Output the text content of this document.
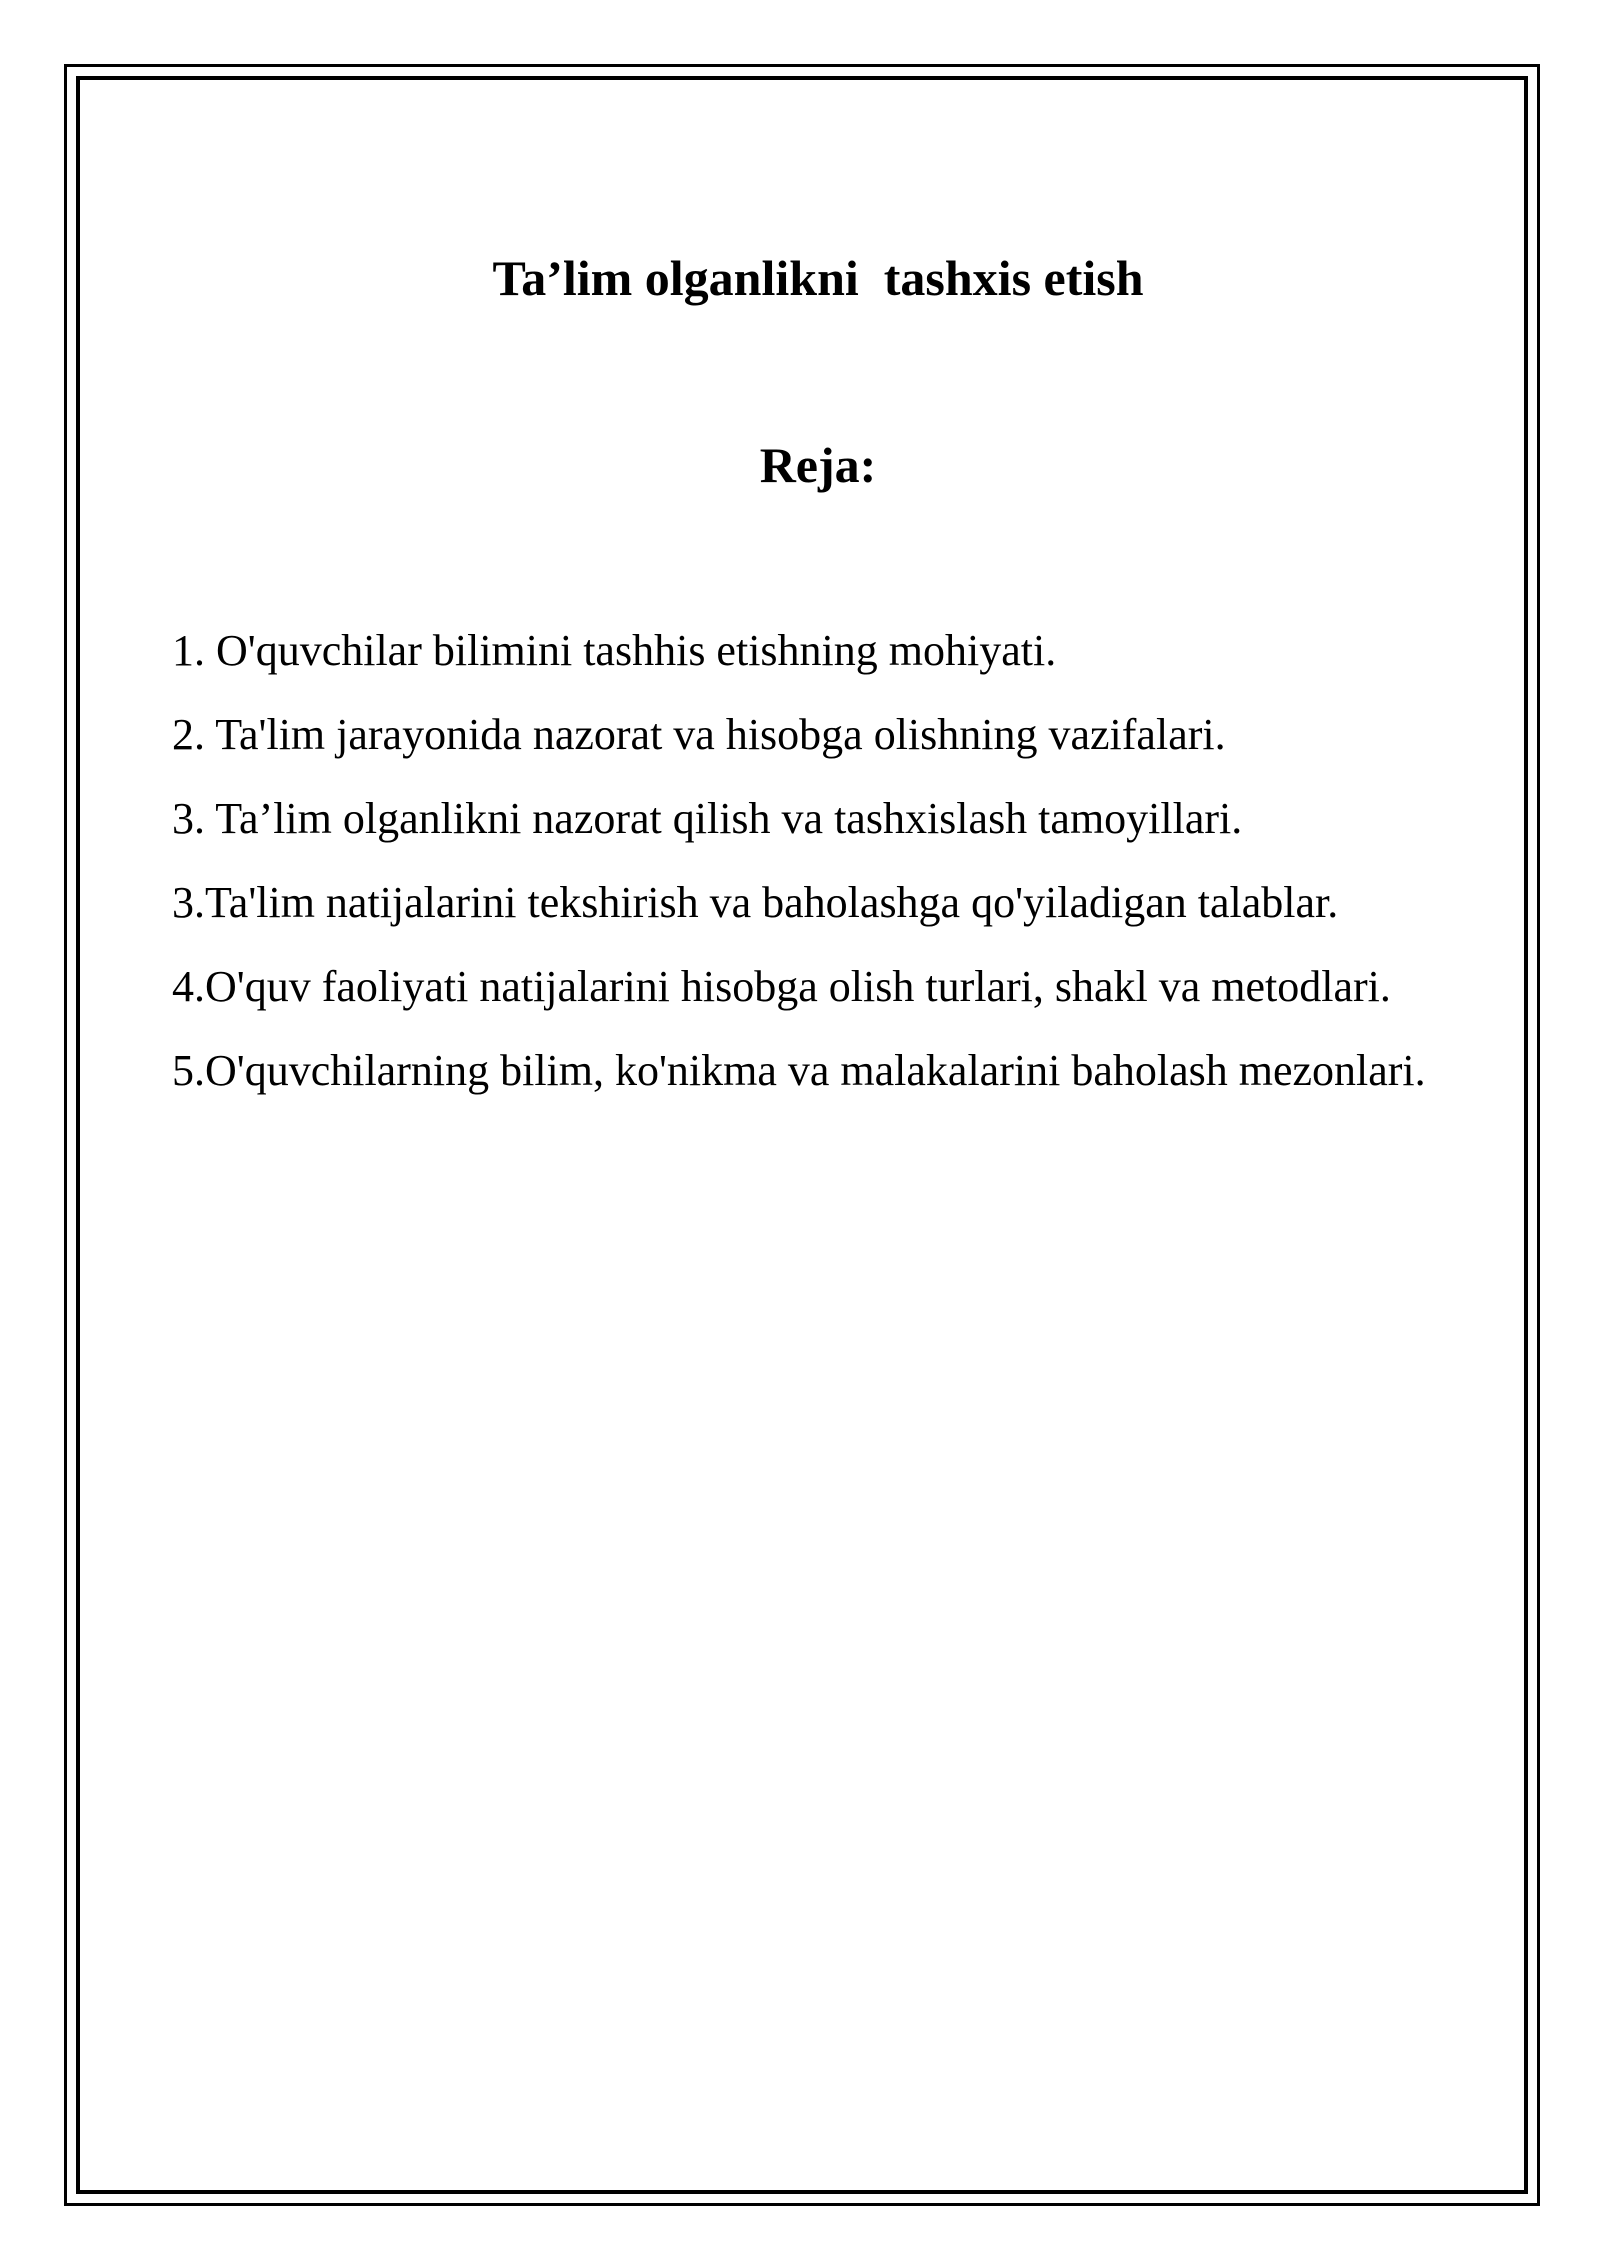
Ta’lim olganlikni  tashxis etish
Reja:
1. O'quvchilar bilimini tashhis etishning mohiyati.
2. Ta'lim jarayonida nazorat va hisobga olishning vazifalari.
3. Ta’lim olganlikni nazorat qilish va tashxislash tamoyillari.
3.Ta'lim natijalarini tekshirish va baholashga qo'yiladigan talablar.
4.O'quv faoliyati natijalarini hisobga olish turlari, shakl va metodlari.
5.O'quvchilarning bilim, ko'nikma va malakalarini baholash mezonlari.
